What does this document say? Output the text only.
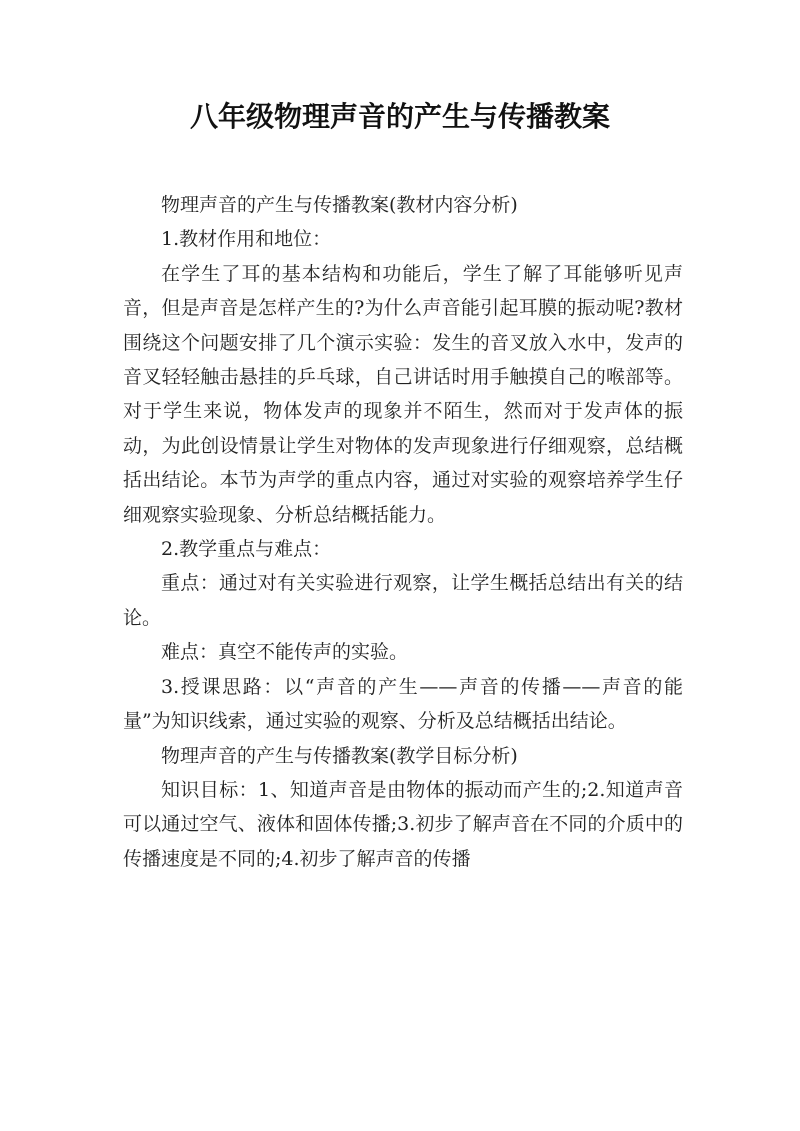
八年级物理声音的产生与传播教案

物理声音的产生与传播教案(教材内容分析)

1.教材作用和地位：

在学生了耳的基本结构和功能后，学生了解了耳能够听见声音，但是声音是怎样产生的?为什么声音能引起耳膜的振动呢?教材围绕这个问题安排了几个演示实验：发生的音叉放入水中，发声的音叉轻轻触击悬挂的乒乓球，自己讲话时用手触摸自己的喉部等。对于学生来说，物体发声的现象并不陌生，然而对于发声体的振动，为此创设情景让学生对物体的发声现象进行仔细观察，总结概括出结论。本节为声学的重点内容，通过对实验的观察培养学生仔细观察实验现象、分析总结概括能力。

2.教学重点与难点：

重点：通过对有关实验进行观察，让学生概括总结出有关的结论。

难点：真空不能传声的实验。

3.授课思路：以“声音的产生——声音的传播——声音的能量”为知识线索，通过实验的观察、分析及总结概括出结论。

物理声音的产生与传播教案(教学目标分析)

知识目标：1、知道声音是由物体的振动而产生的;2.知道声音可以通过空气、液体和固体传播;3.初步了解声音在不同的介质中的传播速度是不同的;4.初步了解声音的传播
